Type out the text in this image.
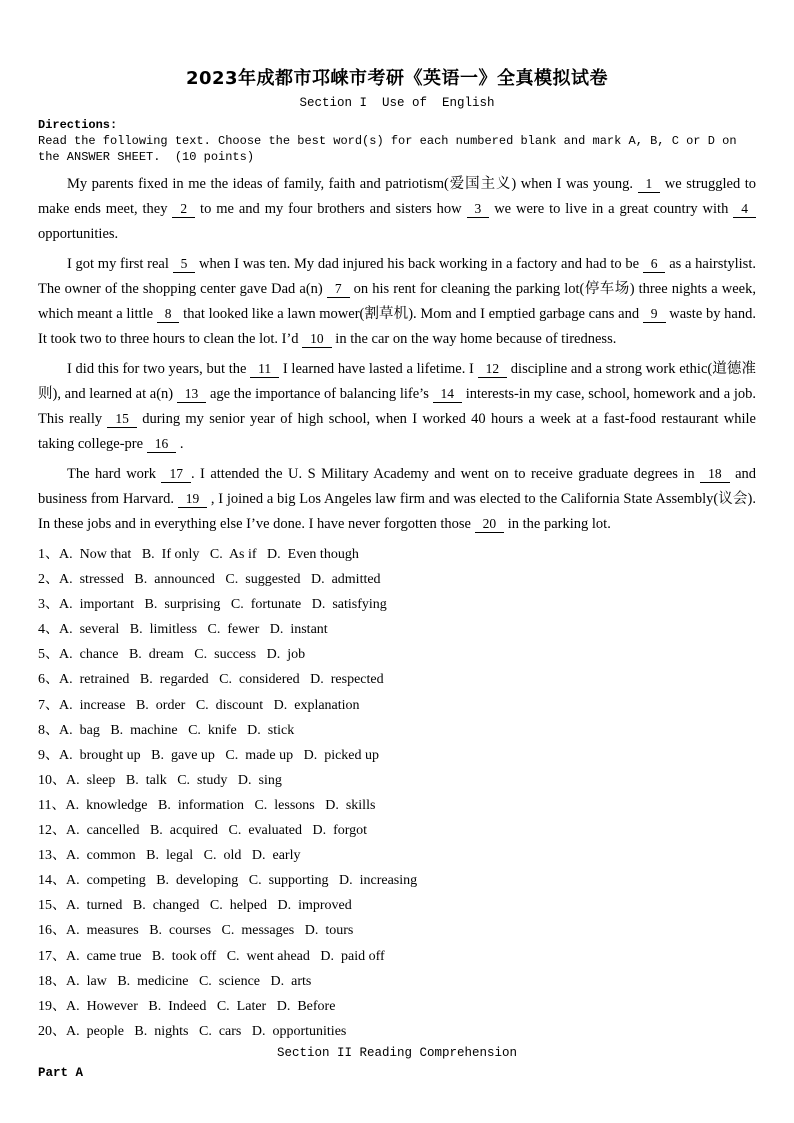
2023年成都市邛崃市考研《英语一》全真模拟试卷
Section I  Use of  English
Directions:
Read the following text. Choose the best word(s) for each numbered blank and mark A, B, C or D on the ANSWER SHEET.  (10 points)

My parents fixed in me the ideas of family, faith and patriotism(爱国主义) when I was young. 1 we struggled to make ends meet, they 2 to me and my four brothers and sisters how 3 we were to live in a great country with 4 opportunities.

I got my first real 5 when I was ten. My dad injured his back working in a factory and had to be 6 as a hairstylist. The owner of the shopping center gave Dad a(n) 7 on his rent for cleaning the parking lot(停车场) three nights a week, which meant a little 8 that looked like a lawn mower(割草机). Mom and I emptied garbage cans and 9 waste by hand. It took two to three hours to clean the lot. I’d 10 in the car on the way home because of tiredness.

I did this for two years, but the 11 I learned have lasted a lifetime. I 12 discipline and a strong work ethic(道德准则), and learned at a(n) 13 age the importance of balancing life’s 14 interests-in my case, school, homework and a job. This really 15 during my senior year of high school, when I worked 40 hours a week at a fast-food restaurant while taking college-pre 16 .

The hard work 17 . I attended the U. S Military Academy and went on to receive graduate degrees in 18 and business from Harvard. 19 , I joined a big Los Angeles law firm and was elected to the California State Assembly(议会). In these jobs and in everything else I’ve done. I have never forgotten those 20 in the parking lot.

1、A.  Now that   B.  If only   C.  As if   D.  Even though
2、A.  stressed   B.  announced   C.  suggested   D.  admitted
3、A.  important   B.  surprising   C.  fortunate   D.  satisfying
4、A.  several   B.  limitless   C.  fewer   D.  instant
5、A.  chance   B.  dream   C.  success   D.  job
6、A.  retrained   B.  regarded   C.  considered   D.  respected
7、A.  increase   B.  order   C.  discount   D.  explanation
8、A.  bag   B.  machine   C.  knife   D.  stick
9、A.  brought up   B.  gave up   C.  made up   D.  picked up
10、A.  sleep   B.  talk   C.  study   D.  sing
11、A.  knowledge   B.  information   C.  lessons   D.  skills
12、A.  cancelled   B.  acquired   C.  evaluated   D.  forgot
13、A.  common   B.  legal   C.  old   D.  early
14、A.  competing   B.  developing   C.  supporting   D.  increasing
15、A.  turned   B.  changed   C.  helped   D.  improved
16、A.  measures   B.  courses   C.  messages   D.  tours
17、A.  came true   B.  took off   C.  went ahead   D.  paid off
18、A.  law   B.  medicine   C.  science   D.  arts
19、A.  However   B.  Indeed   C.  Later   D.  Before
20、A.  people   B.  nights   C.  cars   D.  opportunities
Section II Reading Comprehension
Part A
